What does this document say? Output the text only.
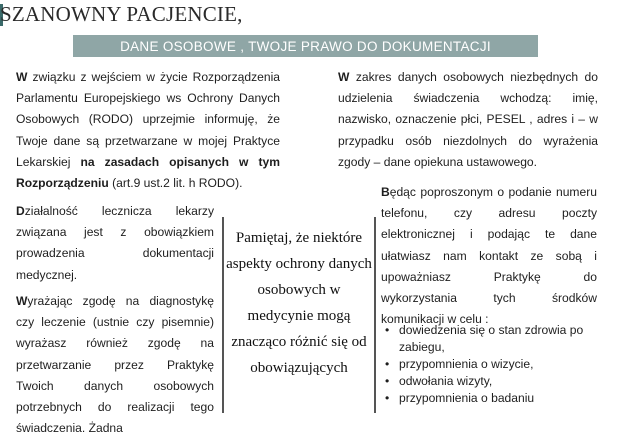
SZANOWNY PACJENCIE,
DANE OSOBOWE , TWOJE PRAWO DO DOKUMENTACJI

W związku z wejściem w życie Rozporządzenia Parlamentu Europejskiego ws Ochrony Danych Osobowych (RODO) uprzejmie informuję, że Twoje dane są przetwarzane w mojej Praktyce Lekarskiej na zasadach opisanych w tym Rozporządzeniu (art.9 ust.2 lit. h RODO).

Działalność lecznicza lekarzy związana jest z obowiązkiem prowadzenia dokumentacji medycznej.

Wyrażając zgodę na diagnostykę czy leczenie (ustnie czy pisemnie) wyrażasz również zgodę na przetwarzanie przez Praktykę Twoich danych osobowych potrzebnych do realizacji tego świadczenia. Żadna

Pamiętaj, że niektóre aspekty ochrony danych osobowych w medycynie mogą znacząco różnić się od obowiązujących

W zakres danych osobowych niezbędnych do udzielenia świadczenia wchodzą: imię, nazwisko, oznaczenie płci, PESEL , adres i – w przypadku osób niezdolnych do wyrażenia zgody – dane opiekuna ustawowego.

Będąc poproszonym o podanie numeru telefonu, czy adresu poczty elektronicznej i podając te dane ułatwiasz nam kontakt ze sobą i upoważniasz Praktykę do wykorzystania tych środków komunikacji w celu :

• dowiedzenia się o stan zdrowia po zabiegu,
• przypomnienia o wizycie,
• odwołania wizyty,
• przypomnienia o badaniu
